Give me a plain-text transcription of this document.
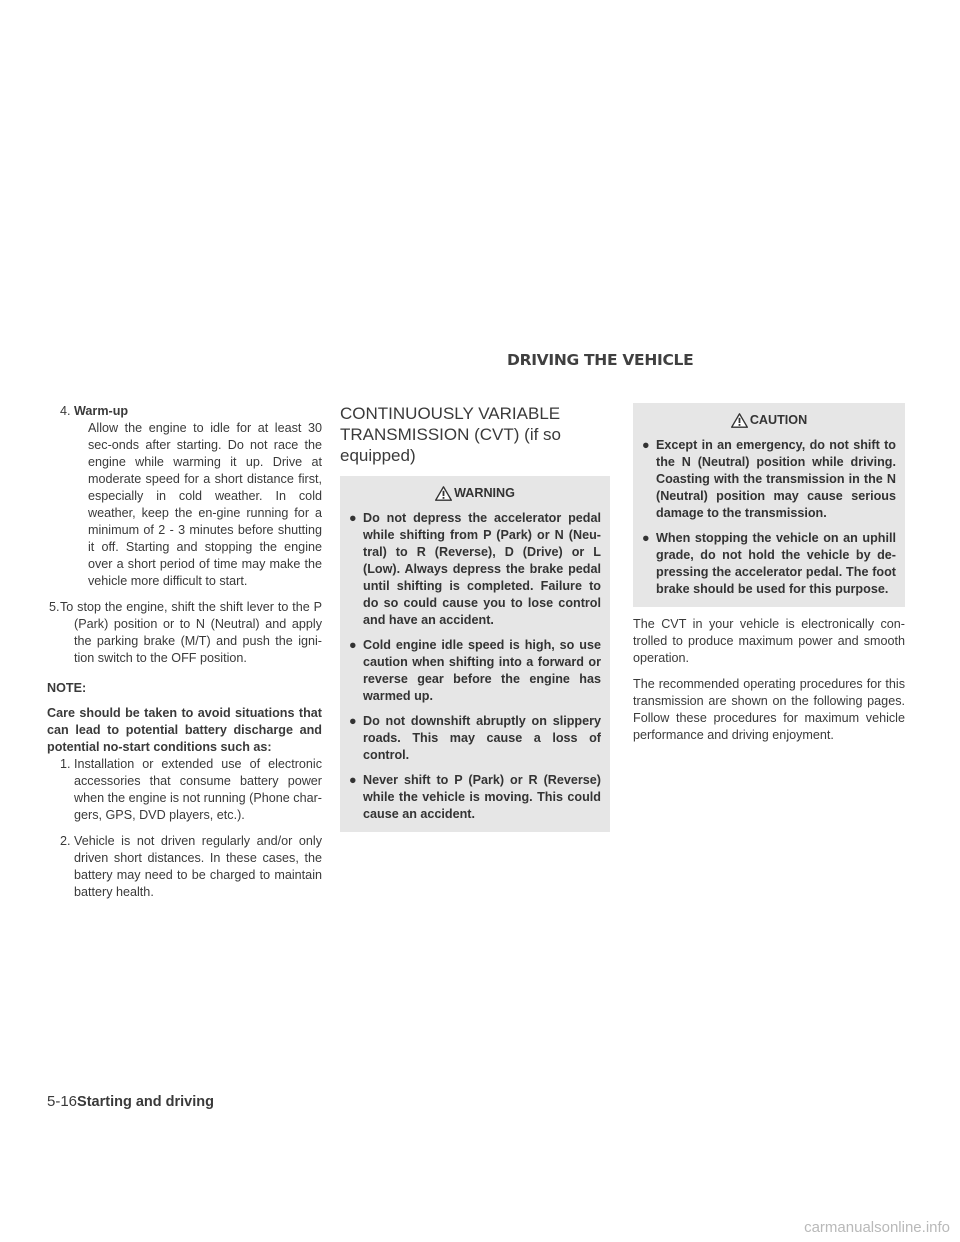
DRIVING THE VEHICLE
4. Warm-up
Allow the engine to idle for at least 30 sec-onds after starting. Do not race the engine while warming it up. Drive at moderate speed for a short distance first, especially in cold weather. In cold weather, keep the en-gine running for a minimum of 2 - 3 minutes before shutting it off. Starting and stopping the engine over a short period of time may make the vehicle more difficult to start.
5. To stop the engine, shift the shift lever to the P (Park) position or to N (Neutral) and apply the parking brake (M/T) and push the igni-tion switch to the OFF position.

NOTE:

Care should be taken to avoid situations that can lead to potential battery discharge and potential no-start conditions such as:

1. Installation or extended use of electronic accessories that consume battery power when the engine is not running (Phone char-gers, GPS, DVD players, etc.).
2. Vehicle is not driven regularly and/or only driven short distances. In these cases, the battery may need to be charged to maintain battery health.
CONTINUOUSLY VARIABLE
TRANSMISSION (CVT) (if so
equipped)
WARNING

● Do not depress the accelerator pedal while shifting from P (Park) or N (Neu-tral) to R (Reverse), D (Drive) or L (Low). Always depress the brake pedal until shifting is completed. Failure to do so could cause you to lose control and have an accident.

● Cold engine idle speed is high, so use caution when shifting into a forward or reverse gear before the engine has warmed up.

● Do not downshift abruptly on slippery roads. This may cause a loss of control.

● Never shift to P (Park) or R (Reverse) while the vehicle is moving. This could cause an accident.

CAUTION

● Except in an emergency, do not shift to the N (Neutral) position while driving. Coasting with the transmission in the N (Neutral) position may cause serious damage to the transmission.

● When stopping the vehicle on an uphill grade, do not hold the vehicle by de-pressing the accelerator pedal. The foot brake should be used for this purpose.

The CVT in your vehicle is electronically con-trolled to produce maximum power and smooth operation.

The recommended operating procedures for this transmission are shown on the following pages. Follow these procedures for maximum vehicle performance and driving enjoyment.

5-16Starting and driving
carmanualsonline.info
